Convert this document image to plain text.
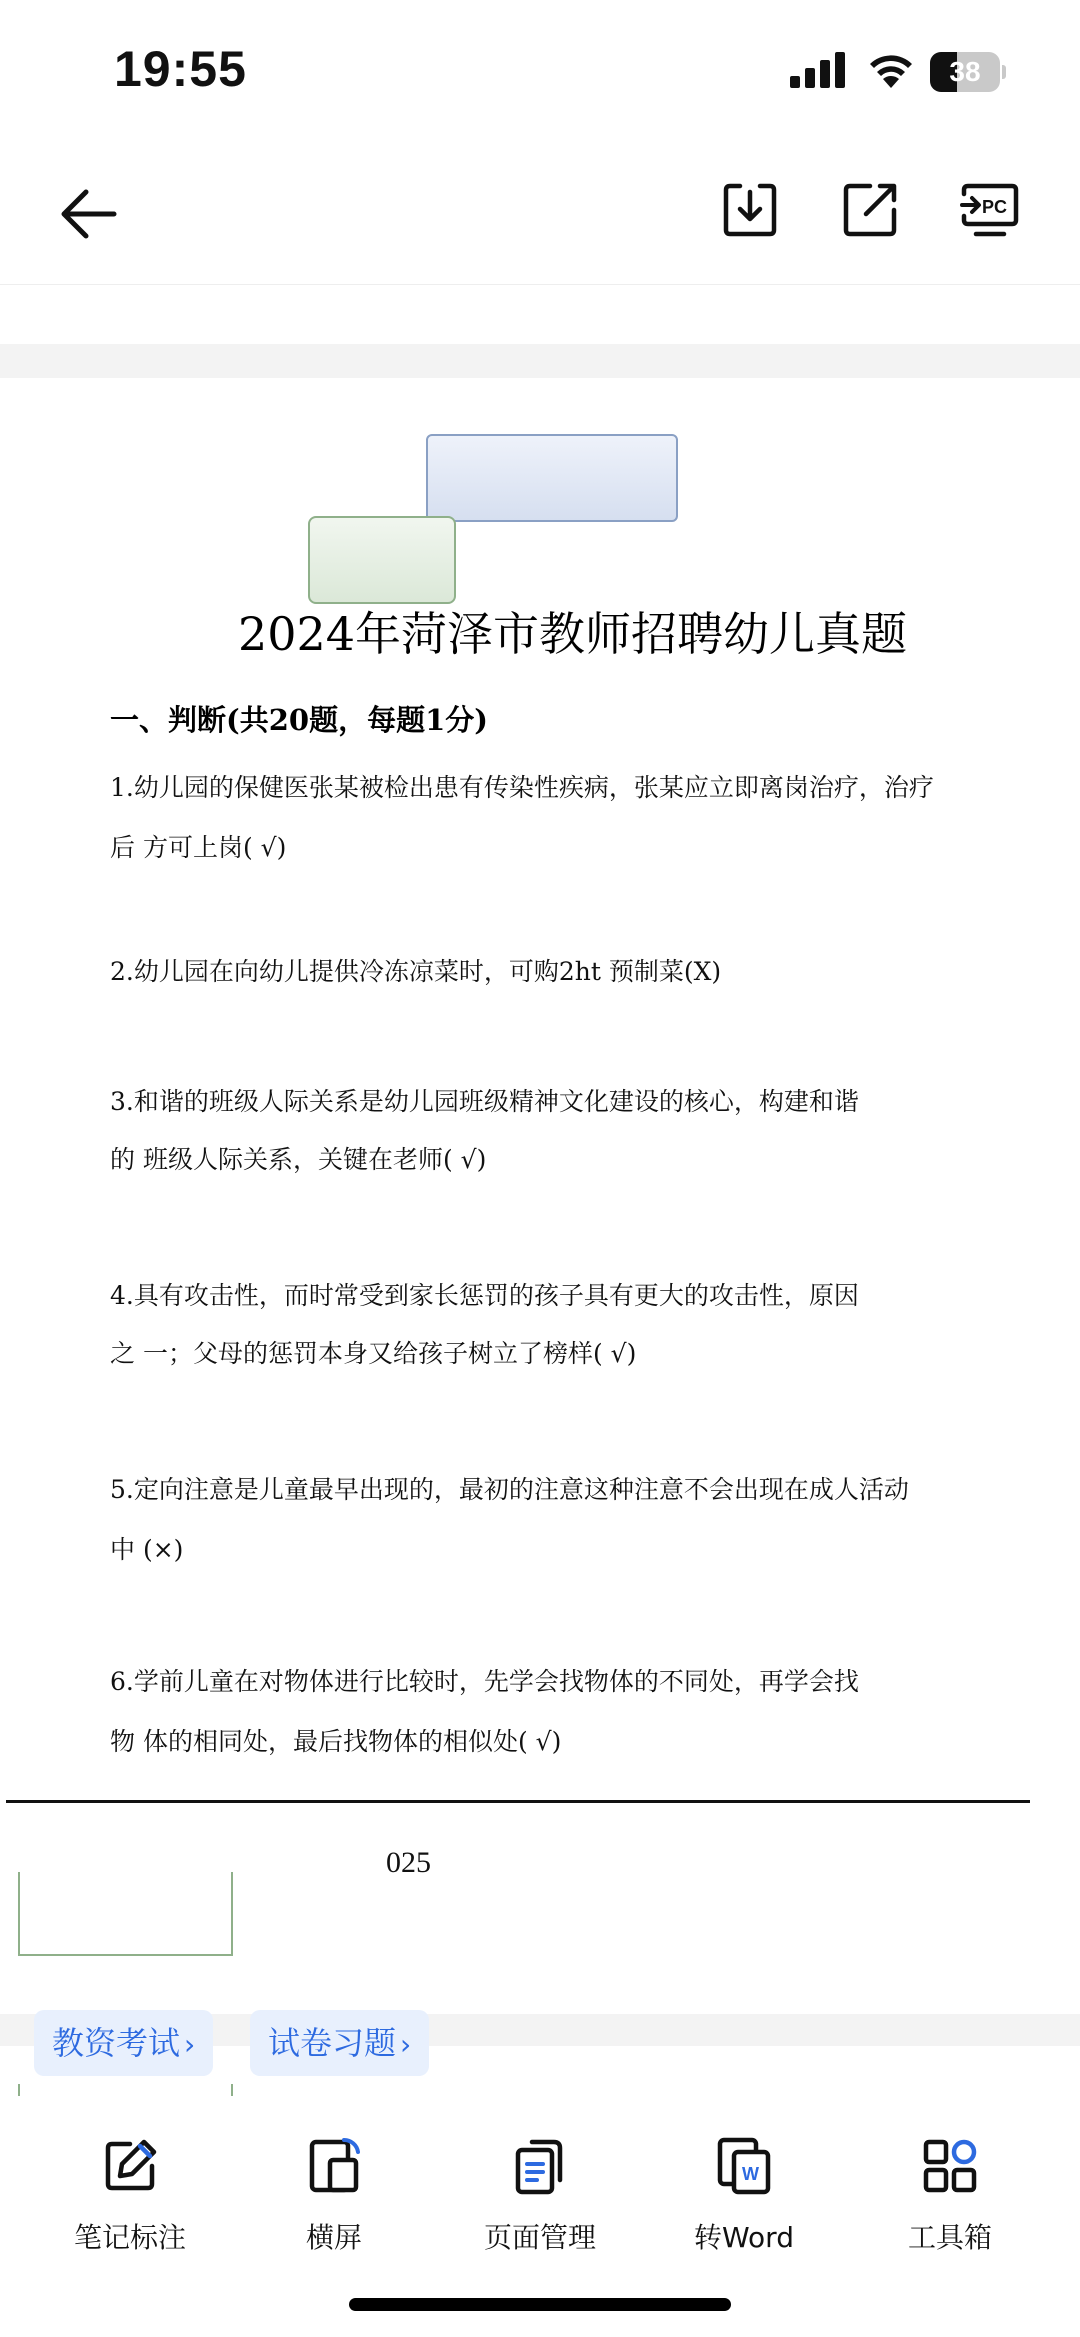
19:55	38
PC
2024年菏泽市教师招聘幼儿真题
一、判断(共20题，每题1分)
1.幼儿园的保健医张某被检出患有传染性疾病，张某应立即离岗治疗，治疗
后 方可上岗( √)
2.幼儿园在向幼儿提供冷冻凉菜时，可购2ht 预制菜(X)
3.和谐的班级人际关系是幼儿园班级精神文化建设的核心，构建和谐
的 班级人际关系，关键在老师( √)
4.具有攻击性，而时常受到家长惩罚的孩子具有更大的攻击性，原因
之 一；父母的惩罚本身又给孩子树立了榜样( √)
5.定向注意是儿童最早出现的，最初的注意这种注意不会出现在成人活动
中 (×)
6.学前儿童在对物体进行比较时，先学会找物体的不同处，再学会找
物 体的相同处，最后找物体的相似处( √)
025
教资考试 ›	试卷习题 ›
笔记标注	横屏	页面管理
W
转Word	工具箱
